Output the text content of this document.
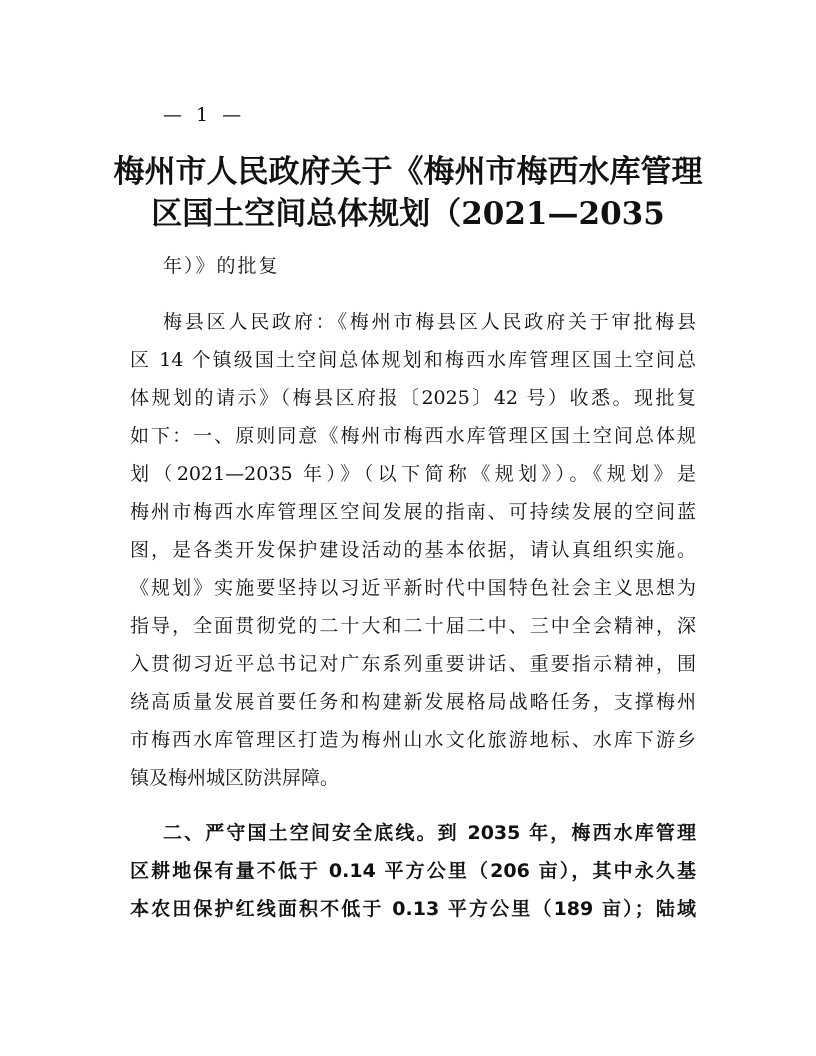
— 1 —
梅州市人民政府关于《梅州市梅西水库管理
区国土空间总体规划（2021—2035
年）》的批复
梅县区人民政府：《梅州市梅县区人民政府关于审批梅县
区 14 个镇级国土空间总体规划和梅西水库管理区国土空间总
体规划的请示》（梅县区府报〔2025〕42 号）收悉。现批复
如下：一、原则同意《梅州市梅西水库管理区国土空间总体规
划（2021—2035 年）》（以下简称《规划》）。《规划》是
梅州市梅西水库管理区空间发展的指南、可持续发展的空间蓝
图，是各类开发保护建设活动的基本依据，请认真组织实施。
《规划》实施要坚持以习近平新时代中国特色社会主义思想为
指导，全面贯彻党的二十大和二十届二中、三中全会精神，深
入贯彻习近平总书记对广东系列重要讲话、重要指示精神，围
绕高质量发展首要任务和构建新发展格局战略任务，支撑梅州
市梅西水库管理区打造为梅州山水文化旅游地标、水库下游乡
镇及梅州城区防洪屏障。
二、严守国土空间安全底线。到 2035 年，梅西水库管理
区耕地保有量不低于 0.14 平方公里（206 亩），其中永久基
本农田保护红线面积不低于 0.13 平方公里（189 亩）；陆域
